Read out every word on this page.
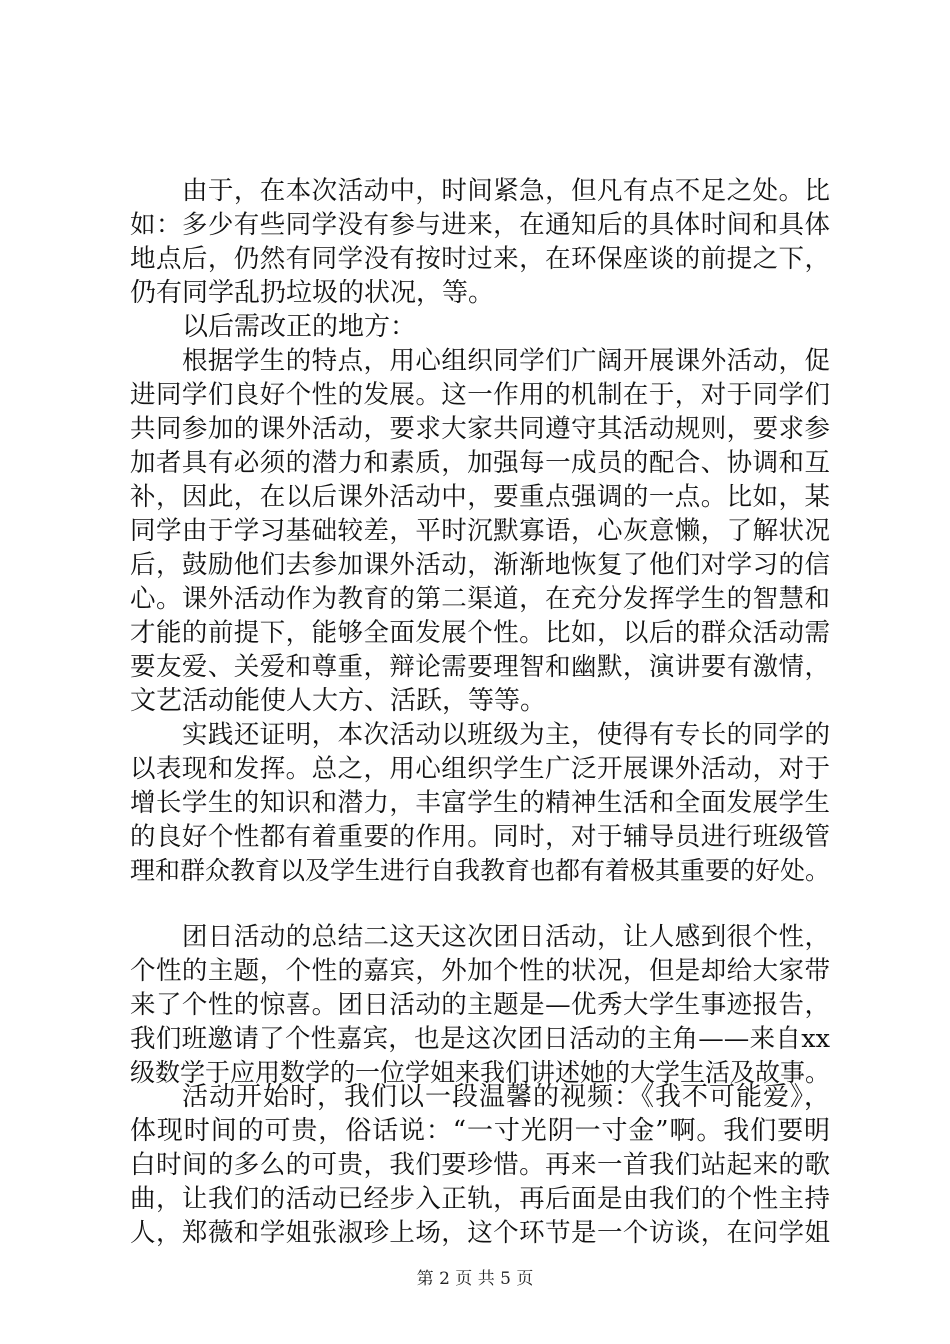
由于，在本次活动中，时间紧急，但凡有点不足之处。比
如：多少有些同学没有参与进来，在通知后的具体时间和具体
地点后，仍然有同学没有按时过来，在环保座谈的前提之下，
仍有同学乱扔垃圾的状况，等。
以后需改正的地方：
根据学生的特点，用心组织同学们广阔开展课外活动，促
进同学们良好个性的发展。这一作用的机制在于，对于同学们
共同参加的课外活动，要求大家共同遵守其活动规则，要求参
加者具有必须的潜力和素质，加强每一成员的配合、协调和互
补，因此，在以后课外活动中，要重点强调的一点。比如，某
同学由于学习基础较差，平时沉默寡语，心灰意懒，了解状况
后，鼓励他们去参加课外活动，渐渐地恢复了他们对学习的信
心。课外活动作为教育的第二渠道，在充分发挥学生的智慧和
才能的前提下，能够全面发展个性。比如，以后的群众活动需
要友爱、关爱和尊重，辩论需要理智和幽默，演讲要有激情，
文艺活动能使人大方、活跃，等等。
实践还证明，本次活动以班级为主，使得有专长的同学的
以表现和发挥。总之，用心组织学生广泛开展课外活动，对于
增长学生的知识和潜力，丰富学生的精神生活和全面发展学生
的良好个性都有着重要的作用。同时，对于辅导员进行班级管
理和群众教育以及学生进行自我教育也都有着极其重要的好处。
团日活动的总结二这天这次团日活动，让人感到很个性，
个性的主题，个性的嘉宾，外加个性的状况，但是却给大家带
来了个性的惊喜。团日活动的主题是—优秀大学生事迹报告，
我们班邀请了个性嘉宾，也是这次团日活动的主角——来自xx
级数学于应用数学的一位学姐来我们讲述她的大学生活及故事。
活动开始时，我们以一段温馨的视频：《我不可能爱》，
体现时间的可贵，俗话说：“一寸光阴一寸金”啊。我们要明
白时间的多么的可贵，我们要珍惜。再来一首我们站起来的歌
曲，让我们的活动已经步入正轨，再后面是由我们的个性主持
人，郑薇和学姐张淑珍上场，这个环节是一个访谈，在问学姐
第 2 页 共 5 页
